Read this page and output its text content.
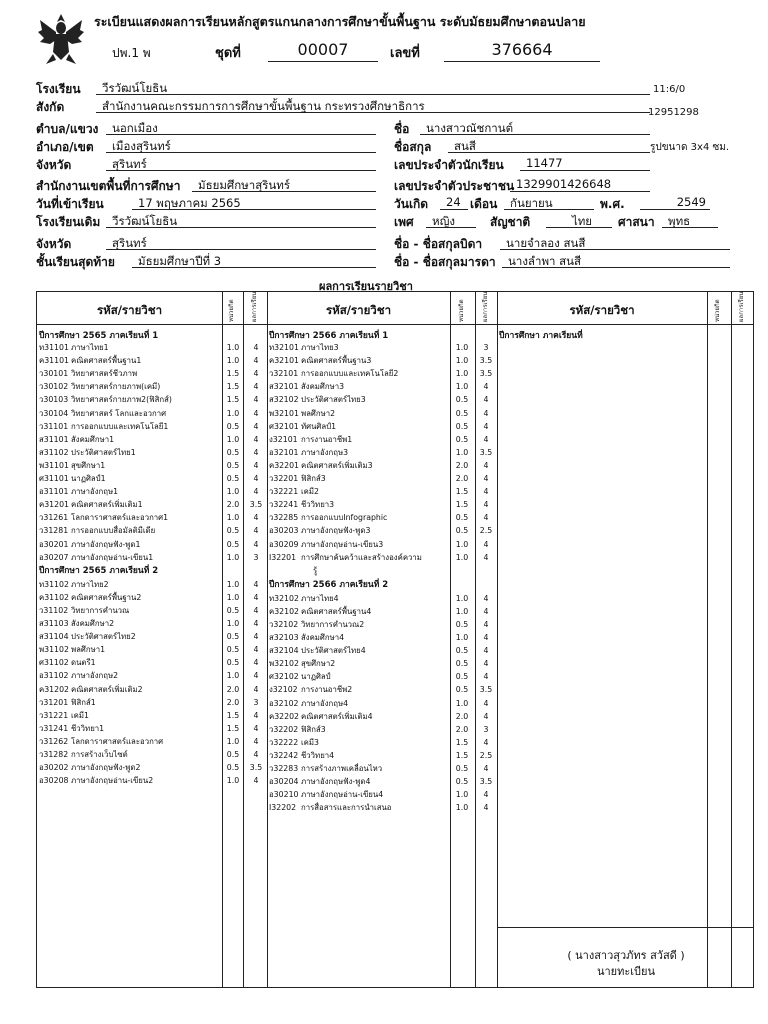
ระเบียนแสดงผลการเรียนหลักสูตรแกนกลางการศึกษาขั้นพื้นฐาน ระดับมัธยมศึกษาตอนปลาย
ปพ.1 พ	ชุดที่	00007	เลขที่	376664
11:6/0
12951298
รูปขนาด 3x4 ซม.
โรงเรียน	วีรวัฒน์โยธิน
สังกัด	สำนักงานคณะกรรมการการศึกษาขั้นพื้นฐาน กระทรวงศึกษาธิการ
ตำบล/แขวง	นอกเมือง	ชื่อ	นางสาวณัชกานต์
อำเภอ/เขต	เมืองสุรินทร์	ชื่อสกุล	สนสี
จังหวัด	สุรินทร์	เลขประจำตัวนักเรียน	11477
สำนักงานเขตพื้นที่การศึกษา	มัธยมศึกษาสุรินทร์	เลขประจำตัวประชาชน 1329901426648
วันที่เข้าเรียน	17 พฤษภาคม 2565
โรงเรียนเดิม	วีรวัฒน์โยธิน
จังหวัด	สุรินทร์	ชื่อ - ชื่อสกุลบิดา	นายจำลอง สนสี
ชั้นเรียนสุดท้าย	มัธยมศึกษาปีที่ 3	ชื่อ - ชื่อสกุลมารดา	นางลำพา สนสี
วันเกิด	เดือน	พ.ศ.
24	กันยายน	2549
เพศ	หญิง	สัญชาติ	ไทย	ศาสนา	พุทธ
ผลการเรียนรายวิชา
รหัส/รายวิชา	หน่วยกิต	ผลการเรียน	รหัส/รายวิชา	หน่วยกิต	ผลการเรียน	รหัส/รายวิชา	หน่วยกิต	ผลการเรียน
( นางสาวสุวภัทร สวัสดี )
นายทะเบียน
ปีการศึกษา 2565 ภาคเรียนที่ 1
ท31101 ภาษาไทย1	1.0	4
ค31101 คณิตศาสตร์พื้นฐาน1	1.0	4
ว30101 วิทยาศาสตร์ชีวภาพ	1.5	4
ว30102 วิทยาศาสตร์กายภาพ(เคมี)	1.5	4
ว30103 วิทยาศาสตร์กายภาพ2(ฟิสิกส์)	1.5	4
ว30104 วิทยาศาสตร์ โลกและอวกาศ	1.0	4
ว31101 การออกแบบและเทคโนโลยี1	0.5	4
ส31101 สังคมศึกษา1	1.0	4
ส31102 ประวัติศาสตร์ไทย1	0.5	4
พ31101 สุขศึกษา1	0.5	4
ศ31101 นาฏศิลป์1	0.5	4
อ31101 ภาษาอังกฤษ1	1.0	4
ค31201 คณิตศาสตร์เพิ่มเติม1	2.0	3.5
ว31261 โลกดาราศาสตร์และอวกาศ1	1.0	4
ว31281 การออกแบบสื่อมัลติมีเดีย	0.5	4
อ30201 ภาษาอังกฤษฟัง-พูด1	0.5	4
อ30207 ภาษาอังกฤษอ่าน-เขียน1	1.0	3
ปีการศึกษา 2565 ภาคเรียนที่ 2
ท31102 ภาษาไทย2	1.0	4
ค31102 คณิตศาสตร์พื้นฐาน2	1.0	4
ว31102 วิทยาการคำนวณ	0.5	4
ส31103 สังคมศึกษา2	1.0	4
ส31104 ประวัติศาสตร์ไทย2	0.5	4
พ31102 พลศึกษา1	0.5	4
ศ31102 ดนตรี1	0.5	4
อ31102 ภาษาอังกฤษ2	1.0	4
ค31202 คณิตศาสตร์เพิ่มเติม2	2.0	4
ว31201 ฟิสิกส์1	2.0	3
ว31221 เคมี1	1.5	4
ว31241 ชีววิทยา1	1.5	4
ว31262 โลกดาราศาสตร์และอวกาศ	1.0	4
ว31282 การสร้างเว็บไซต์	0.5	4
อ30202 ภาษาอังกฤษฟัง-พูด2	0.5	3.5
อ30208 ภาษาอังกฤษอ่าน-เขียน2	1.0	4
ปีการศึกษา 2566 ภาคเรียนที่ 1
ท32101 ภาษาไทย3	1.0	3
ค32101 คณิตศาสตร์พื้นฐาน3	1.0	3.5
ว32101 การออกแบบและเทคโนโลยี2	1.0	3.5
ส32101 สังคมศึกษา3	1.0	4
ส32102 ประวัติศาสตร์ไทย3	0.5	4
พ32101 พลศึกษา2	0.5	4
ศ32101 ทัศนศิลป์1	0.5	4
ง32101 การงานอาชีพ1	0.5	4
อ32101 ภาษาอังกฤษ3	1.0	3.5
ค32201 คณิตศาสตร์เพิ่มเติม3	2.0	4
ว32201 ฟิสิกส์3	2.0	4
ว32221 เคมี2	1.5	4
ว32241 ชีววิทยา3	1.5	4
ว32285 การออกแบบInfographic	0.5	4
อ30203 ภาษาอังกฤษฟัง-พูด3	0.5	2.5
อ30209 ภาษาอังกฤษอ่าน-เขียน3	1.0	4
I32201 การศึกษาค้นคว้าและสร้างองค์ความ	1.0	4
รู้
ปีการศึกษา 2566 ภาคเรียนที่ 2
ท32102 ภาษาไทย4	1.0	4
ค32102 คณิตศาสตร์พื้นฐาน4	1.0	4
ว32102 วิทยาการคำนวณ2	0.5	4
ส32103 สังคมศึกษา4	1.0	4
ส32104 ประวัติศาสตร์ไทย4	0.5	4
พ32102 สุขศึกษา2	0.5	4
ศ32102 นาฏศิลป์	0.5	4
ง32102 การงานอาชีพ2	0.5	3.5
อ32102 ภาษาอังกฤษ4	1.0	4
ค32202 คณิตศาสตร์เพิ่มเติม4	2.0	4
ว32202 ฟิสิกส์3	2.0	3
ว32222 เคมี3	1.5	4
ว32242 ชีววิทยา4	1.5	2.5
ว32283 การสร้างภาพเคลื่อนไหว	0.5	4
อ30204 ภาษาอังกฤษฟัง-พูด4	0.5	3.5
อ30210 ภาษาอังกฤษอ่าน-เขียน4	1.0	4
I32202 การสื่อสารและการนำเสนอ	1.0	4
ปีการศึกษา ภาคเรียนที่
